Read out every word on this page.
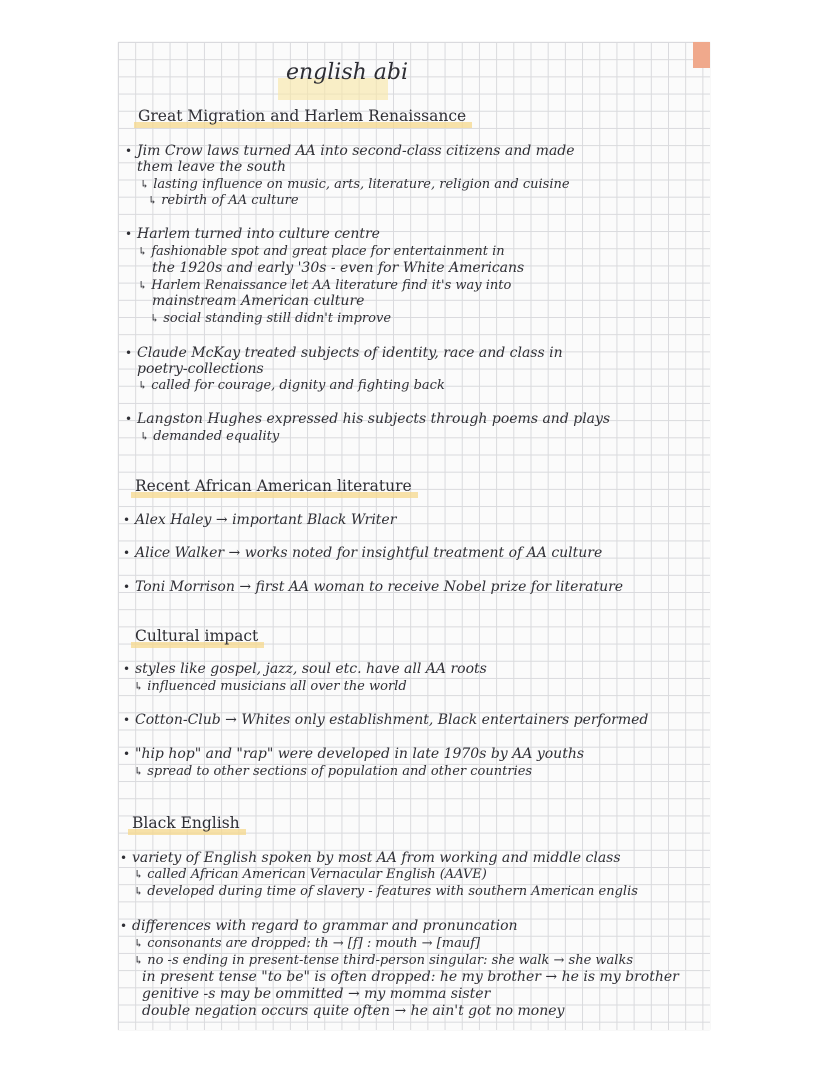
english abi
Great Migration and Harlem Renaissance
• Jim Crow laws turned AA into second-class citizens and made
them leave the south
↳ lasting influence on music, arts, literature, religion and cuisine
↳ rebirth of AA culture
• Harlem turned into culture centre
↳ fashionable spot and great place for entertainment in
the 1920s and early '30s - even for White Americans
↳ Harlem Renaissance let AA literature find it's way into
mainstream American culture
↳ social standing still didn't improve
• Claude McKay treated subjects of identity, race and class in
poetry-collections
↳ called for courage, dignity and fighting back
• Langston Hughes expressed his subjects through poems and plays
↳ demanded equality
Recent African American literature
• Alex Haley → important Black Writer
• Alice Walker → works noted for insightful treatment of AA culture
• Toni Morrison → first AA woman to receive Nobel prize for literature
Cultural impact
• styles like gospel, jazz, soul etc. have all AA roots
↳ influenced musicians all over the world
• Cotton-Club → Whites only establishment, Black entertainers performed
• "hip hop" and "rap" were developed in late 1970s by AA youths
↳ spread to other sections of population and other countries
Black English
• variety of English spoken by most AA from working and middle class
↳ called African American Vernacular English (AAVE)
↳ developed during time of slavery - features with southern American englis
• differences with regard to grammar and pronuncation
↳ consonants are dropped: th → [f] : mouth → [mauf]
↳ no -s ending in present-tense third-person singular: she walk → she walks
in present tense "to be" is often dropped: he my brother → he is my brother
genitive -s may be ommitted → my momma sister
double negation occurs quite often → he ain't got no money
